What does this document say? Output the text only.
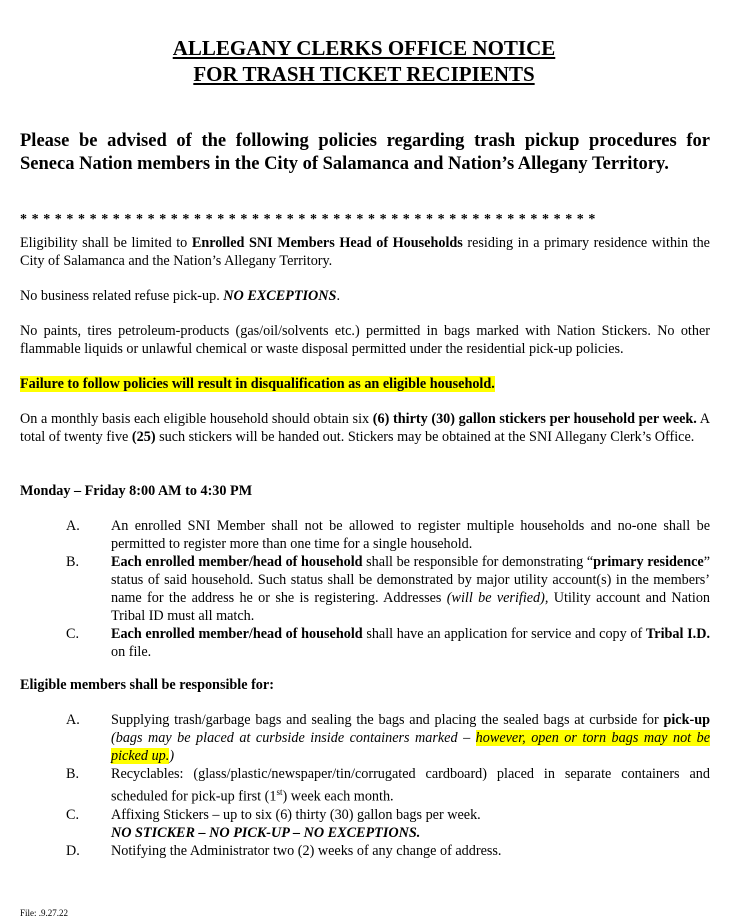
ALLEGANY CLERKS OFFICE NOTICE
FOR TRASH TICKET RECIPIENTS
Please be advised of the following policies regarding trash pickup procedures for Seneca Nation members in the City of Salamanca and Nation’s Allegany Territory.
**************************************************
Eligibility shall be limited to Enrolled SNI Members Head of Households residing in a primary residence within the City of Salamanca and the Nation’s Allegany Territory.
No business related refuse pick-up. NO EXCEPTIONS.
No paints, tires petroleum-products (gas/oil/solvents etc.) permitted in bags marked with Nation Stickers. No other flammable liquids or unlawful chemical or waste disposal permitted under the residential pick-up policies.
Failure to follow policies will result in disqualification as an eligible household.
On a monthly basis each eligible household should obtain six (6) thirty (30) gallon stickers per household per week. A total of twenty five (25) such stickers will be handed out. Stickers may be obtained at the SNI Allegany Clerk’s Office.
Monday – Friday 8:00 AM to 4:30 PM
A.	An enrolled SNI Member shall not be allowed to register multiple households and no-one shall be permitted to register more than one time for a single household.
B.	Each enrolled member/head of household shall be responsible for demonstrating “primary residence” status of said household. Such status shall be demonstrated by major utility account(s) in the members’ name for the address he or she is registering. Addresses (will be verified), Utility account and Nation Tribal ID must all match.
C.	Each enrolled member/head of household shall have an application for service and copy of Tribal I.D. on file.
Eligible members shall be responsible for:
A.	Supplying trash/garbage bags and sealing the bags and placing the sealed bags at curbside for pick-up (bags may be placed at curbside inside containers marked – however, open or torn bags may not be picked up.)
B.	Recyclables: (glass/plastic/newspaper/tin/corrugated cardboard) placed in separate containers and scheduled for pick-up first (1st) week each month.
C.	Affixing Stickers – up to six (6) thirty (30) gallon bags per week.
NO STICKER – NO PICK-UP – NO EXCEPTIONS.
D.	Notifying the Administrator two (2) weeks of any change of address.
File: .9.27.22
